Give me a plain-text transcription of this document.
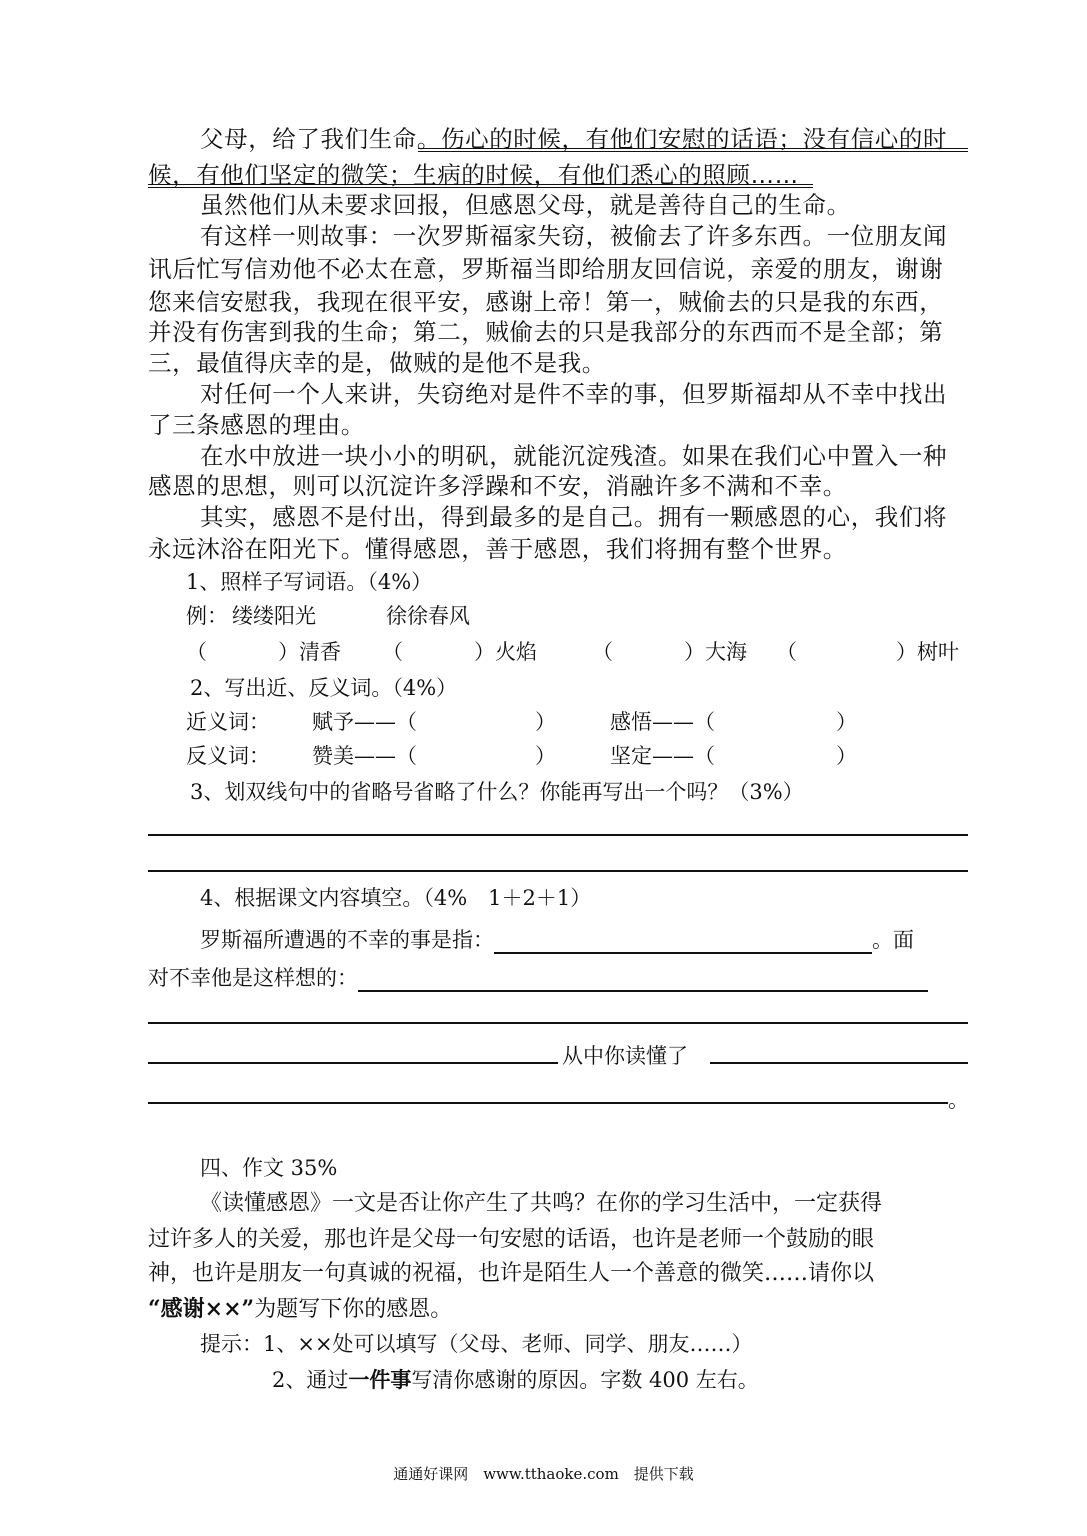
父母，给了我们生命。伤心的时候，有他们安慰的话语；没有信心的时
候，有他们坚定的微笑；生病的时候，有他们悉心的照顾……
虽然他们从未要求回报，但感恩父母，就是善待自己的生命。
有这样一则故事：一次罗斯福家失窃，被偷去了许多东西。一位朋友闻
讯后忙写信劝他不必太在意，罗斯福当即给朋友回信说，亲爱的朋友，谢谢
您来信安慰我，我现在很平安，感谢上帝！第一，贼偷去的只是我的东西，
并没有伤害到我的生命；第二，贼偷去的只是我部分的东西而不是全部；第
三，最值得庆幸的是，做贼的是他不是我。
对任何一个人来讲，失窃绝对是件不幸的事，但罗斯福却从不幸中找出
了三条感恩的理由。
在水中放进一块小小的明矾，就能沉淀残渣。如果在我们心中置入一种
感恩的思想，则可以沉淀许多浮躁和不安，消融许多不满和不幸。
其实，感恩不是付出，得到最多的是自己。拥有一颗感恩的心，我们将
永远沐浴在阳光下。懂得感恩，善于感恩，我们将拥有整个世界。
1、照样子写词语。（4%）
例： 缕缕阳光	徐徐春风
（	）清香 （	）火焰	（	）大海 （	）树叶
2、写出近、反义词。（4%）
近义词： 赋予——（	）	感悟——（	）
反义词： 赞美——（	）	坚定——（	）
3、划双线句中的省略号省略了什么？你能再写出一个吗？（3%）
4、根据课文内容填空。（4%　1＋2＋1）
罗斯福所遭遇的不幸的事是指：	。面
对不幸他是这样想的：
从中你读懂了
。
四、作文 35%
《读懂感恩》一文是否让你产生了共鸣？在你的学习生活中，一定获得
过许多人的关爱，那也许是父母一句安慰的话语，也许是老师一个鼓励的眼
神，也许是朋友一句真诚的祝福，也许是陌生人一个善意的微笑……请你以
“感谢××”为题写下你的感恩。
提示：1、××处可以填写（父母、老师、同学、朋友……）
2、通过一件事写清你感谢的原因。字数 400 左右。
通通好课网　www.tthaoke.com　提供下载
